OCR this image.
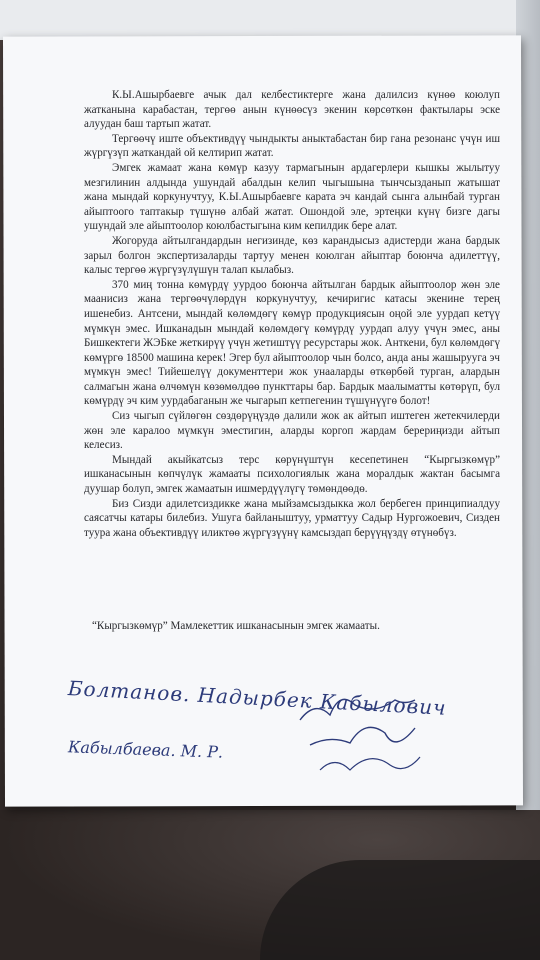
К.Ы.Ашырбаевге ачык дал келбестиктерге жана далилсиз күнөө коюлуп жатканына карабастан, тергөө анын күнөөсүз экенин көрсөткөн фактылары эске алуудан баш тартып жатат.

Тергөөчү иште объективдүү чындыкты аныктабастан бир гана резонанс үчүн иш жүргүзүп жаткандай ой келтирип жатат.

Эмгек жамаат жана көмүр казуу тармагынын ардагерлери кышкы жылытуу мезгилинин алдында ушундай абалдын келип чыгышына тынчсызданып жатышат жана мындай коркунучтуу, К.Ы.Ашырбаевге карата эч кандай сынга алынбай турган айыптоого таптакыр түшүнө албай жатат. Ошондой эле, эртеңки күнү бизге дагы ушундай эле айыптоолор коюлбастыгына ким кепилдик бере алат.

Жогоруда айтылгандардын негизинде, көз карандысыз адистерди жана бардык зарыл болгон экспертизаларды тартуу менен коюлган айыптар боюнча адилеттүү, калыс тергөө жүргүзүлүшүн талап кылабыз.

370 миң тонна көмүрдү уурдоо боюнча айтылган бардык айыптоолор жөн эле маанисиз жана тергөөчүлөрдүн коркунучтуу, кечиригис катасы экенине терең ишенебиз. Антсени, мындай көлөмдөгү көмүр продукциясын оңой эле уурдап кетүү мүмкүн эмес. Ишканадын мындай көлөмдөгү көмүрдү уурдап алуу үчүн эмес, аны Бишкектеги ЖЭБке жеткирүү үчүн жетиштүү ресурстары жок. Анткени, бул көлөмдөгү көмүргө 18500 машина керек! Эгер бул айыптоолор чын болсо, анда аны жашырууга эч мүмкүн эмес! Тийешелүү документтери жок унааларды өткөрбөй турган, алардын салмагын жана өлчөмүн көзөмөлдөө пункттары бар. Бардык маалыматты көтөрүп, бул көмүрдү эч ким уурдабаганын же чыгарып кетпегенин түшүнүүгө болот!

Сиз чыгып сүйлөгөн сөздөрүңүздө далили жок ак айтып иштеген жетекчилерди жөн эле каралоо мүмкүн эместигин, аларды коргоп жардам берериңизди айтып келесиз.

Мындай акыйкатсыз терс көрүнүштүн кесепетинен “Кыргызкөмүр” ишканасынын көпчүлүк жамааты психологиялык жана моралдык жактан басымга дуушар болуп, эмгек жамаатын ишмердүүлүгү төмөндөөдө.

Биз Сизди адилетсиздикке жана мыйзамсыздыкка жол бербеген принципиалдуу саясатчы катары билебиз. Ушуга байланыштуу, урматтуу Садыр Нургожоевич, Сизден туура жана объективдүү иликтөө жүргүзүүнү камсыздап берүүңүздү өтүнөбүз.

“Кыргызкөмүр” Мамлекеттик ишканасынын эмгек жамааты.
Болтанов. Надырбек Кабылович
Кабылбаева. М. Р.
